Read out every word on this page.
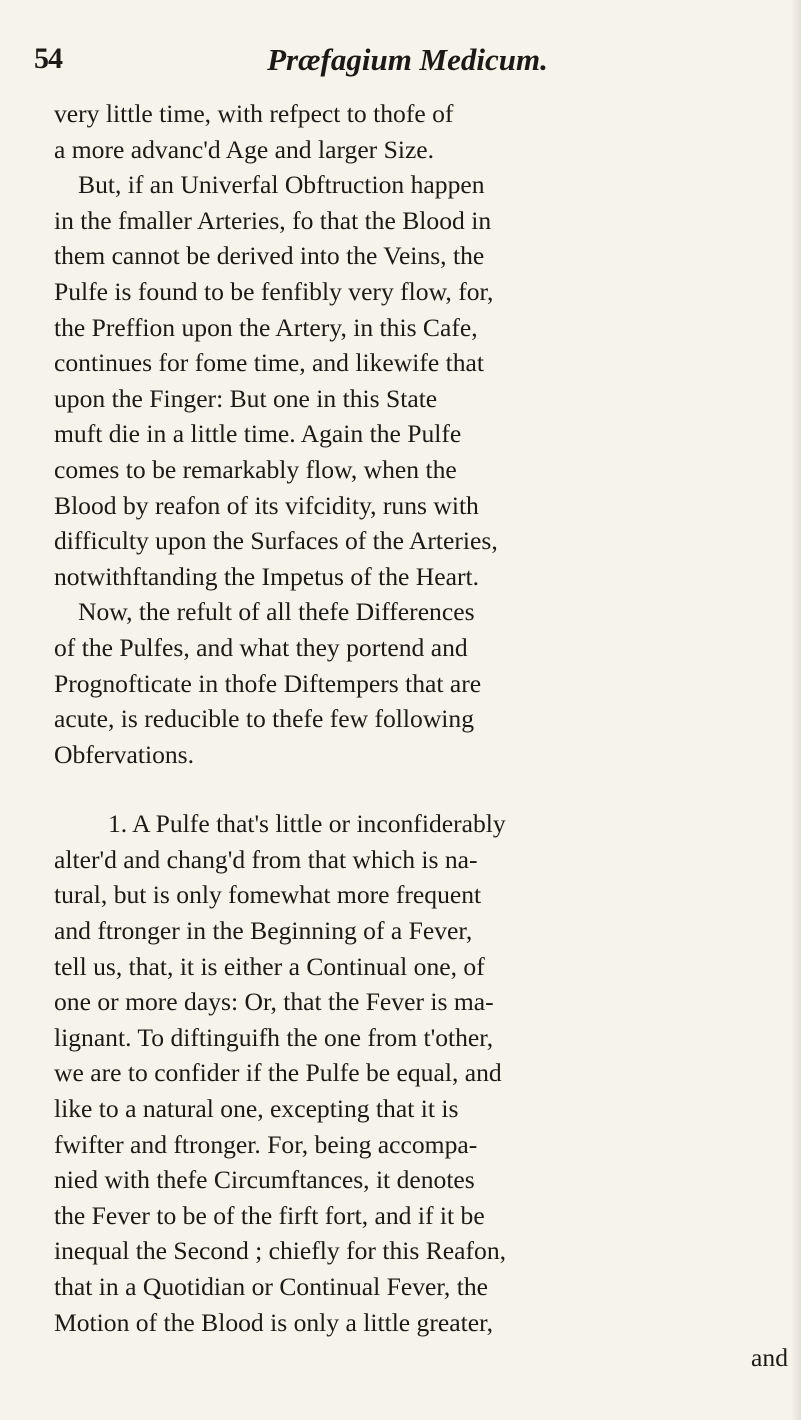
54	Præfagium Medicum.
very little time, with refpect to thofe of
a more advanc'd Age and larger Size.
But, if an Univerfal Obftruction happen
in the fmaller Arteries, fo that the Blood in
them cannot be derived into the Veins, the
Pulfe is found to be fenfibly very flow, for,
the Preffion upon the Artery, in this Cafe,
continues for fome time, and likewife that
upon the Finger: But one in this State
muft die in a little time. Again the Pulfe
comes to be remarkably flow, when the
Blood by reafon of its vifcidity, runs with
difficulty upon the Surfaces of the Arteries,
notwithftanding the Impetus of the Heart.
Now, the refult of all thefe Differences
of the Pulfes, and what they portend and
Prognofticate in thofe Diftempers that are
acute, is reducible to thefe few following
Obfervations.
1. A Pulfe that's little or inconfiderably
alter'd and chang'd from that which is na-
tural, but is only fomewhat more frequent
and ftronger in the Beginning of a Fever,
tell us, that, it is either a Continual one, of
one or more days: Or, that the Fever is ma-
lignant. To diftinguifh the one from t'other,
we are to confider if the Pulfe be equal, and
like to a natural one, excepting that it is
fwifter and ftronger. For, being accompa-
nied with thefe Circumftances, it denotes
the Fever to be of the firft fort, and if it be
inequal the Second ; chiefly for this Reafon,
that in a Quotidian or Continual Fever, the
Motion of the Blood is only a little greater,
and
